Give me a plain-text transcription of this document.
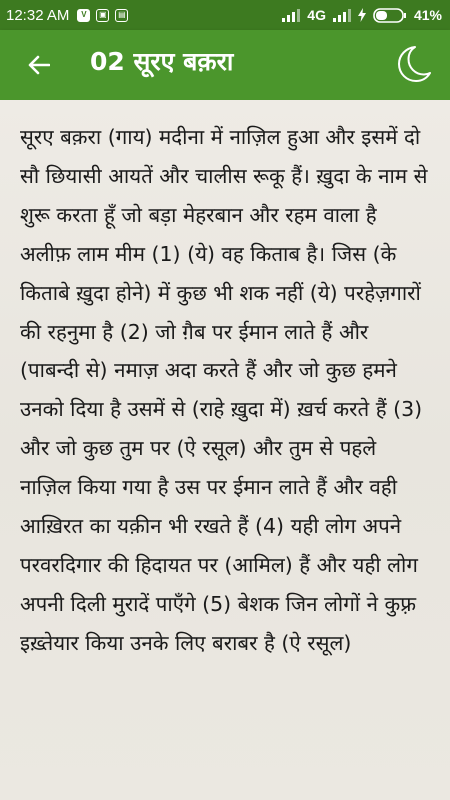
12:32 AM	V	▣	▤	4G	41%
02 सूरए बक़रा

सूरए बक़रा (गाय) मदीना में नाज़िल हुआ और इसमें दो सौ छियासी आयतें और चालीस रूकू हैं। ख़ुदा के नाम से शुरू करता हूँ जो बड़ा मेहरबान और रहम वाला है अलीफ़ लाम मीम (1) (ये) वह किताब है। जिस (के किताबे ख़ुदा होने) में कुछ भी शक नहीं (ये) परहेज़गारों की रहनुमा है (2) जो ग़ैब पर ईमान लाते हैं और (पाबन्दी से) नमाज़ अदा करते हैं और जो कुछ हमने उनको दिया है उसमें से (राहे ख़ुदा में) ख़र्च करते हैं (3) और जो कुछ तुम पर (ऐ रसूल) और तुम से पहले नाज़िल किया गया है उस पर ईमान लाते हैं और वही आख़िरत का यक़ीन भी रखते हैं (4) यही लोग अपने परवरदिगार की हिदायत पर (आमिल) हैं और यही लोग अपनी दिली मुरादें पाएँगे (5) बेशक जिन लोगों ने कुफ़्र इख़्तेयार किया उनके लिए बराबर है (ऐ रसूल)
